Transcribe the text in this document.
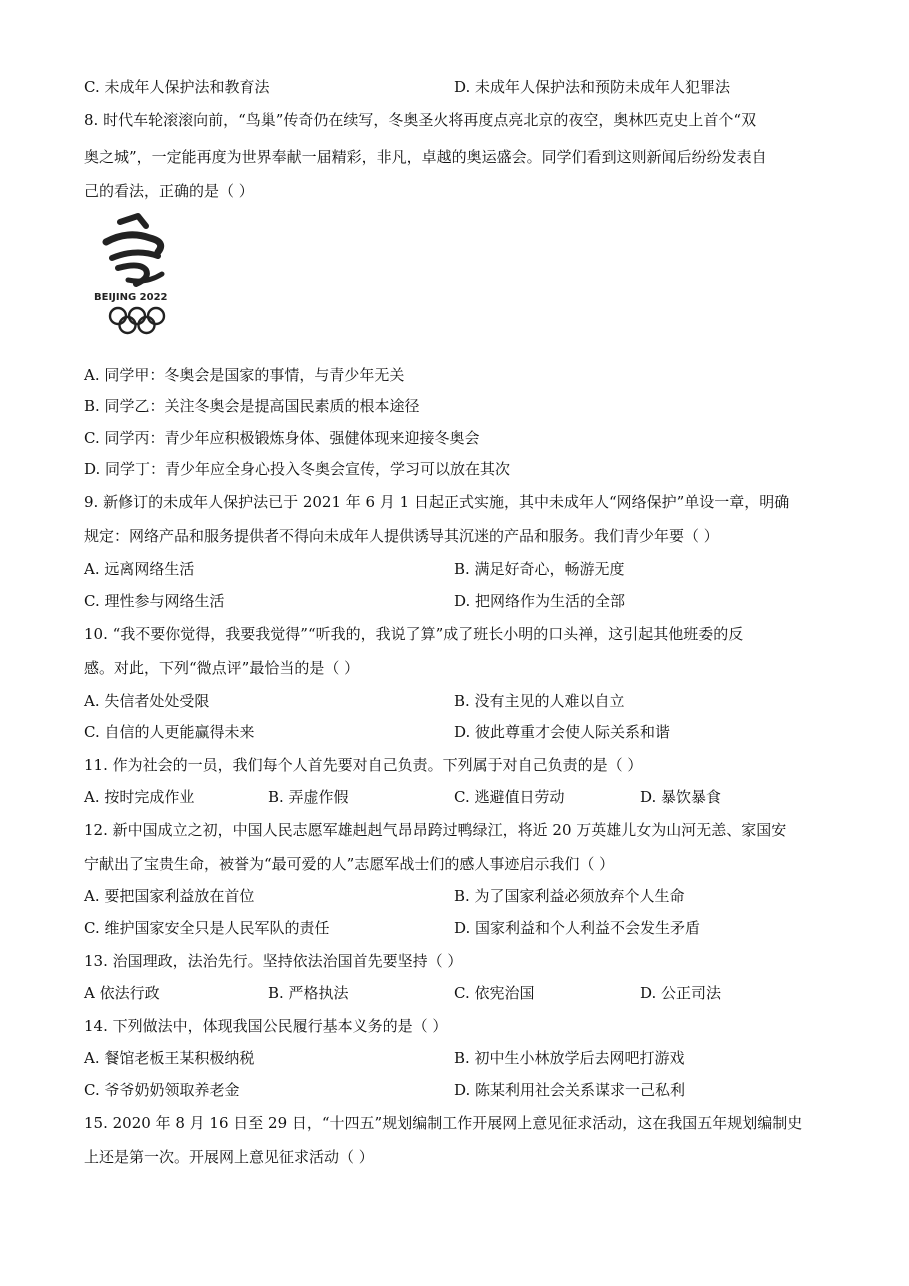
C. 未成年人保护法和教育法	D. 未成年人保护法和预防未成年人犯罪法
8. 时代车轮滚滚向前，“鸟巢”传奇仍在续写，冬奥圣火将再度点亮北京的夜空，奥林匹克史上首个“双
奥之城”，一定能再度为世界奉献一届精彩，非凡，卓越的奥运盛会。同学们看到这则新闻后纷纷发表自
己的看法，正确的是（ ）
BEIJING 2022
A. 同学甲：冬奥会是国家的事情，与青少年无关
B. 同学乙：关注冬奥会是提高国民素质的根本途径
C. 同学丙：青少年应积极锻炼身体、强健体现来迎接冬奥会
D. 同学丁：青少年应全身心投入冬奥会宣传，学习可以放在其次
9. 新修订的未成年人保护法已于 2021 年 6 月 1 日起正式实施，其中未成年人“网络保护”单设一章，明确
规定：网络产品和服务提供者不得向未成年人提供诱导其沉迷的产品和服务。我们青少年要（ ）
A. 远离网络生活	B. 满足好奇心，畅游无度
C. 理性参与网络生活	D. 把网络作为生活的全部
10. “我不要你觉得，我要我觉得”“听我的，我说了算”成了班长小明的口头禅，这引起其他班委的反
感。对此，下列“微点评”最恰当的是（ ）
A. 失信者处处受限	B. 没有主见的人难以自立
C. 自信的人更能赢得未来	D. 彼此尊重才会使人际关系和谐
11. 作为社会的一员，我们每个人首先要对自己负责。下列属于对自己负责的是（ ）
A. 按时完成作业	B. 弄虚作假	C. 逃避值日劳动	D. 暴饮暴食
12. 新中国成立之初，中国人民志愿军雄赳赳气昂昂跨过鸭绿江，将近 20 万英雄儿女为山河无恙、家国安
宁献出了宝贵生命，被誉为“最可爱的人”志愿军战士们的感人事迹启示我们（ ）
A. 要把国家利益放在首位	B. 为了国家利益必须放弃个人生命
C. 维护国家安全只是人民军队的责任	D. 国家利益和个人利益不会发生矛盾
13. 治国理政，法治先行。坚持依法治国首先要坚持（ ）
A 依法行政	B. 严格执法	C. 依宪治国	D. 公正司法
14. 下列做法中，体现我国公民履行基本义务的是（ ）
A. 餐馆老板王某积极纳税	B. 初中生小林放学后去网吧打游戏
C. 爷爷奶奶领取养老金	D. 陈某利用社会关系谋求一己私利
15. 2020 年 8 月 16 日至 29 日，“十四五”规划编制工作开展网上意见征求活动，这在我国五年规划编制史
上还是第一次。开展网上意见征求活动（ ）
